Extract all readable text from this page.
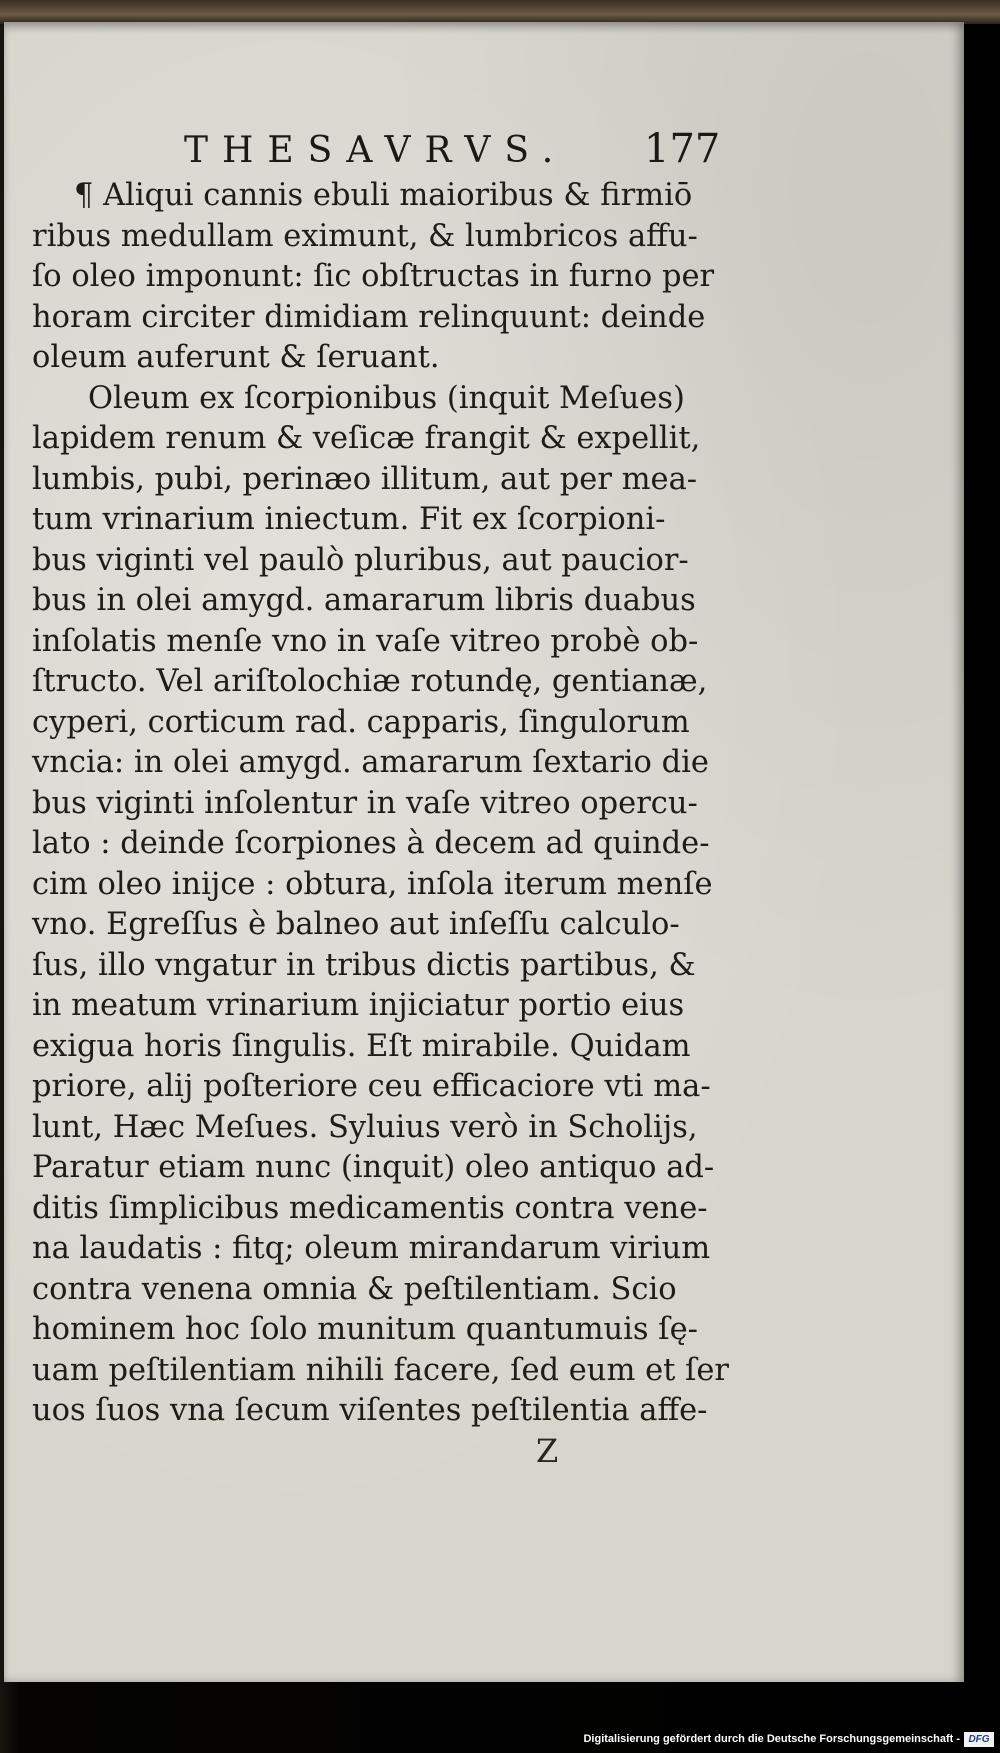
THESAVRVS. 177
¶ Aliqui cannis ebuli maioribus & firmiō
ribus medullam eximunt, & lumbricos affu-
ſo oleo imponunt: ſic obſtructas in furno per
horam circiter dimidiam relinquunt: deinde
oleum auferunt & ſeruant.
Oleum ex ſcorpionibus (inquit Meſues)
lapidem renum & veſicæ frangit & expellit,
lumbis, pubi, perinæo illitum, aut per mea-
tum vrinarium iniectum. Fit ex ſcorpioni-
bus viginti vel paulò pluribus, aut paucior-
bus in olei amygd. amararum libris duabus
inſolatis menſe vno in vaſe vitreo probè ob-
ſtructo. Vel ariſtolochiæ rotundę, gentianæ,
cyperi, corticum rad. capparis, ſingulorum
vncia: in olei amygd. amararum ſextario die
bus viginti inſolentur in vaſe vitreo opercu-
lato : deinde ſcorpiones à decem ad quinde-
cim oleo inijce : obtura, inſola iterum menſe
vno. Egreſſus è balneo aut inſeſſu calculo-
ſus, illo vngatur in tribus dictis partibus, &
in meatum vrinarium injiciatur portio eius
exigua horis ſingulis. Eſt mirabile. Quidam
priore, alij poſteriore ceu efficaciore vti ma-
lunt, Hæc Meſues. Syluius verò in Scholijs,
Paratur etiam nunc (inquit) oleo antiquo ad-
ditis ſimplicibus medicamentis contra vene-
na laudatis : fitq; oleum mirandarum virium
contra venena omnia & peſtilentiam. Scio
hominem hoc ſolo munitum quantumuis ſę-
uam peſtilentiam nihili facere, ſed eum et ſer
uos ſuos vna ſecum viſentes peſtilentia affe-
Z
Digitalisierung gefördert durch die Deutsche Forschungsgemeinschaft - DFG
